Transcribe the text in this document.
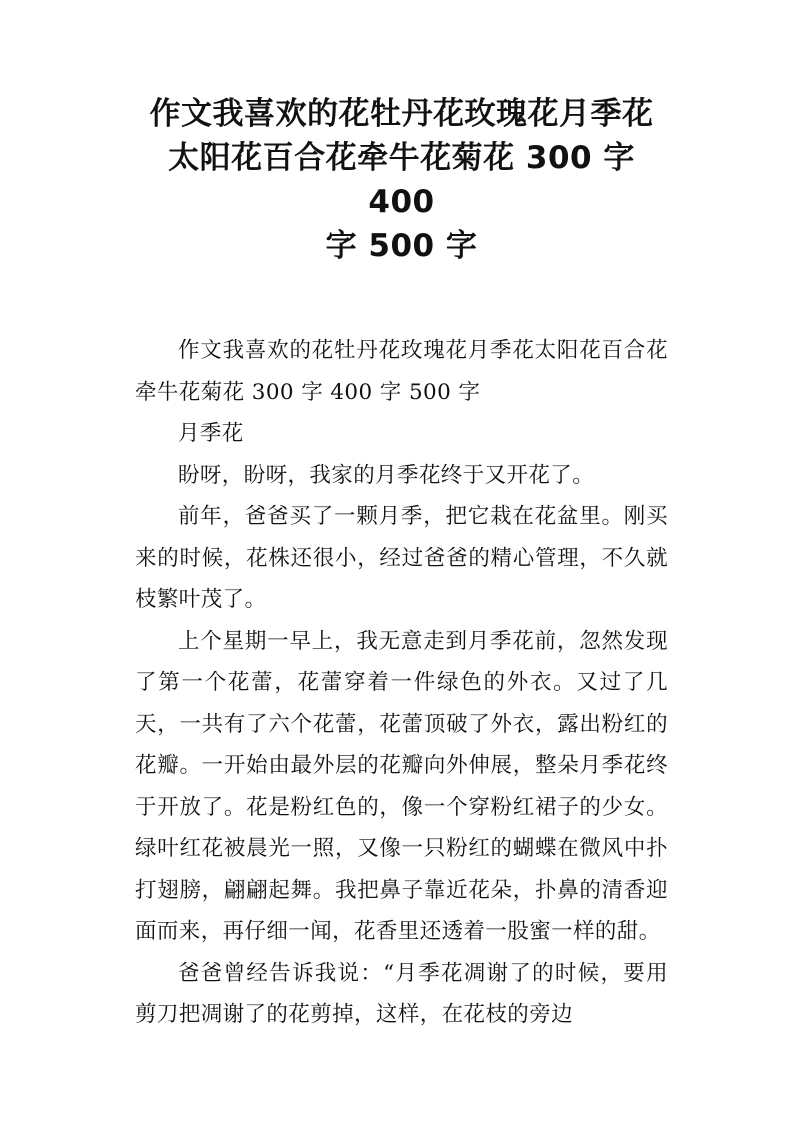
作文我喜欢的花牡丹花玫瑰花月季花
太阳花百合花牵牛花菊花 300 字 400
字 500 字

作文我喜欢的花牡丹花玫瑰花月季花太阳花百合花牵牛花菊花 300 字 400 字 500 字

月季花

盼呀，盼呀，我家的月季花终于又开花了。

前年，爸爸买了一颗月季，把它栽在花盆里。刚买来的时候，花株还很小，经过爸爸的精心管理，不久就枝繁叶茂了。

上个星期一早上，我无意走到月季花前，忽然发现了第一个花蕾，花蕾穿着一件绿色的外衣。又过了几天，一共有了六个花蕾，花蕾顶破了外衣，露出粉红的花瓣。一开始由最外层的花瓣向外伸展，整朵月季花终于开放了。花是粉红色的，像一个穿粉红裙子的少女。绿叶红花被晨光一照，又像一只粉红的蝴蝶在微风中扑打翅膀，翩翩起舞。我把鼻子靠近花朵，扑鼻的清香迎面而来，再仔细一闻，花香里还透着一股蜜一样的甜。

爸爸曾经告诉我说：“月季花凋谢了的时候，要用剪刀把凋谢了的花剪掉，这样，在花枝的旁边
